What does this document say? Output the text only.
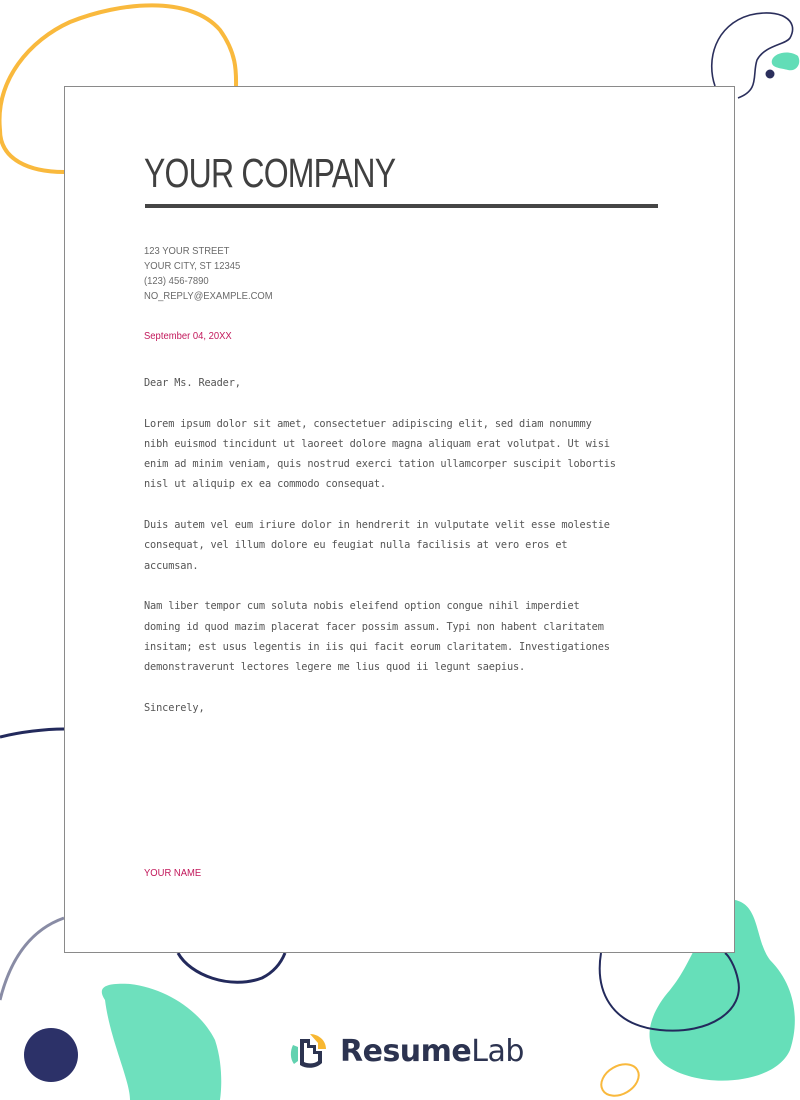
YOUR COMPANY
123 YOUR STREET
YOUR CITY, ST 12345
(123) 456-7890
NO_REPLY@EXAMPLE.COM
September 04, 20XX

Dear Ms. Reader,

Lorem ipsum dolor sit amet, consectetuer adipiscing elit, sed diam nonummy
nibh euismod tincidunt ut laoreet dolore magna aliquam erat volutpat. Ut wisi
enim ad minim veniam, quis nostrud exerci tation ullamcorper suscipit lobortis
nisl ut aliquip ex ea commodo consequat.

Duis autem vel eum iriure dolor in hendrerit in vulputate velit esse molestie
consequat, vel illum dolore eu feugiat nulla facilisis at vero eros et
accumsan.

Nam liber tempor cum soluta nobis eleifend option congue nihil imperdiet
doming id quod mazim placerat facer possim assum. Typi non habent claritatem
insitam; est usus legentis in iis qui facit eorum claritatem. Investigationes
demonstraverunt lectores legere me lius quod ii legunt saepius.

Sincerely,

YOUR NAME
ResumeLab
